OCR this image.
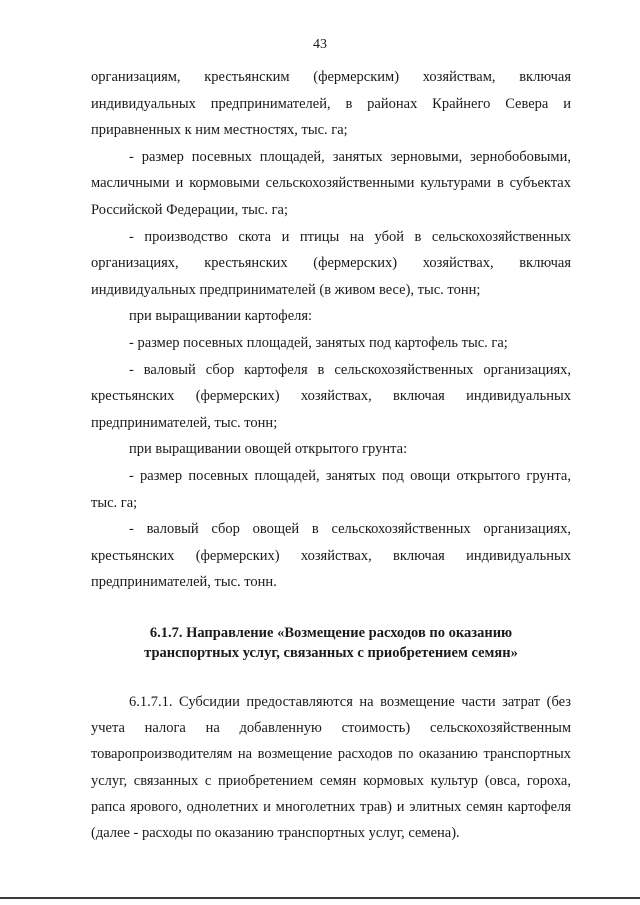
43

организациям, крестьянским (фермерским) хозяйствам, включая индивидуальных предпринимателей, в районах Крайнего Севера и приравненных к ним местностях, тыс. га;

- размер посевных площадей, занятых зерновыми, зернобобовыми, масличными и кормовыми сельскохозяйственными культурами в субъектах Российской Федерации, тыс. га;

- производство скота и птицы на убой в сельскохозяйственных организациях, крестьянских (фермерских) хозяйствах, включая индивидуальных предпринимателей (в живом весе), тыс. тонн;

при выращивании картофеля:

- размер посевных площадей, занятых под картофель тыс. га;

- валовый сбор картофеля в сельскохозяйственных организациях, крестьянских (фермерских) хозяйствах, включая индивидуальных предпринимателей, тыс. тонн;

при выращивании овощей открытого грунта:

- размер посевных площадей, занятых под овощи открытого грунта, тыс. га;

- валовый сбор овощей в сельскохозяйственных организациях, крестьянских (фермерских) хозяйствах, включая индивидуальных предпринимателей, тыс. тонн.

6.1.7. Направление «Возмещение расходов по оказанию
транспортных услуг, связанных с приобретением семян»

6.1.7.1. Субсидии предоставляются на возмещение части затрат (без учета налога на добавленную стоимость) сельскохозяйственным товаропроизводителям на возмещение расходов по оказанию транспортных услуг, связанных с приобретением семян кормовых культур (овса, гороха, рапса ярового, однолетних и многолетних трав) и элитных семян картофеля (далее - расходы по оказанию транспортных услуг, семена).
